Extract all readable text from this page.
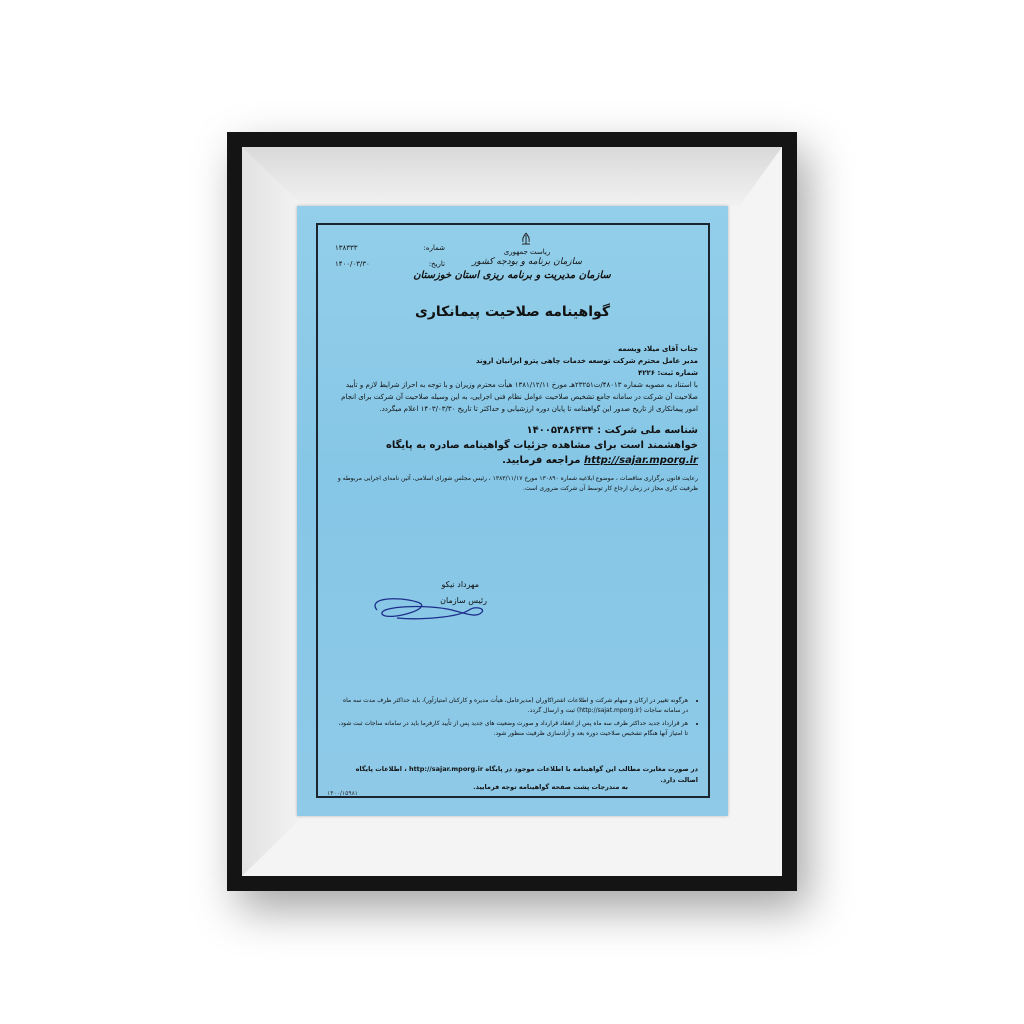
ریاست جمهوری
سازمان برنامه و بودجه کشور
سازمان مدیریت و برنامه ریزی استان خوزستان
شماره:
۱۳۸۳۳۳
تاریخ:
۱۴۰۰/۰۳/۳۰
گواهینامه صلاحیت پیمانکاری
جناب آقای میلاد ویسمه
مدیر عامل محترم شرکت توسعه خدمات چاهی پترو ایرانیان اروند
شماره ثبت: ۴۲۲۶
با استناد به مصوبه شماره ۴۸۰۱۳/ت۲۳۲۵۱هـ مورخ ۱۳۸۱/۱۲/۱۱ هیأت محترم وزیران و با توجه به احراز شرایط لازم و تأیید صلاحیت آن شرکت در سامانه جامع تشخیص صلاحیت عوامل نظام فنی اجرایی، به این وسیله صلاحیت آن شرکت برای انجام امور پیمانکاری از تاریخ صدور این گواهینامه تا پایان دوره ارزشیابی و حداکثر تا تاریخ ۱۴۰۳/۰۳/۳۰ اعلام میگردد.
شناسه ملی شرکت : ۱۴۰۰۵۳۸۶۴۳۴
خواهشمند است برای مشاهده جزئیات گواهینامه صادره به پایگاه
http://sajar.mporg.ir مراجعه فرمایید.
رعایت قانون برگزاری مناقصات ، موضوع ابلاغیه شماره ۱۳۰۸۹۰ مورخ ۱۳۸۳/۱۱/۱۷ ، رئیس مجلس شورای اسلامی، آئین نامه‌ای اجرایی مربوطه و ظرفیت کاری مجاز در زمان ارجاع کار توسط آن شرکت ضروری است.
مهرداد نیکو
رئیس سازمان
• هرگونه تغییر در ارکان و سهام شرکت و اطلاعات اشتراکاوران (مدیرعامل، هیأت مدیره و کارکنان امتیازآور)، باید حداکثر ظرف مدت سه ماه در سامانه ساجات (http://sajat.mporg.ir) ثبت و ارسال گردد.
• هر قرارداد جدید حداکثر ظرف سه ماه پس از انعقاد قرارداد و صورت وضعیت های جدید پس از تأیید کارفرما باید در سامانه ساجات ثبت شود، تا امتیاز آنها هنگام تشخیص صلاحیت دوره بعد و آزادسازی ظرفیت منظور شود.
در صورت مغایرت مطالب این گواهینامه با اطلاعات موجود در پایگاه http://sajar.mporg.ir ، اطلاعات پایگاه اصالت دارد.
به مندرجات پشت صفحه گواهینامه توجه فرمایید.
۱۴۰۰/۱۵۹۸۱
